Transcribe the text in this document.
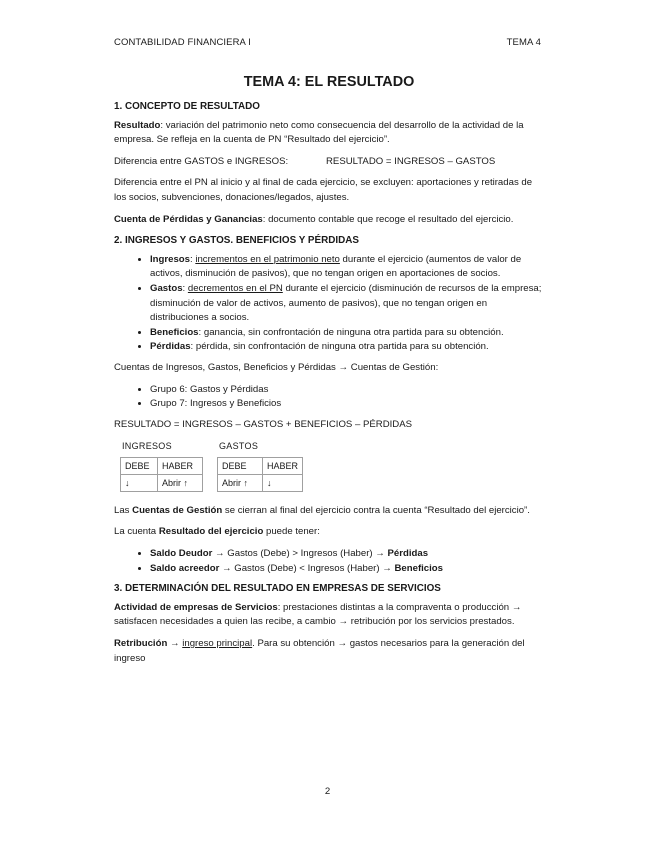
CONTABILIDAD FINANCIERA I	TEMA 4
TEMA 4: EL RESULTADO
1. CONCEPTO DE RESULTADO

Resultado: variación del patrimonio neto como consecuencia del desarrollo de la actividad de la empresa. Se refleja en la cuenta de PN “Resultado del ejercicio”.

Diferencia entre GASTOS e INGRESOS:	RESULTADO = INGRESOS – GASTOS

Diferencia entre el PN al inicio y al final de cada ejercicio, se excluyen: aportaciones y retiradas de los socios, subvenciones, donaciones/legados, ajustes.

Cuenta de Pérdidas y Ganancias: documento contable que recoge el resultado del ejercicio.

2. INGRESOS Y GASTOS. BENEFICIOS Y PÉRDIDAS
• Ingresos: incrementos en el patrimonio neto durante el ejercicio (aumentos de valor de activos, disminución de pasivos), que no tengan origen en aportaciones de socios.
• Gastos: decrementos en el PN durante el ejercicio (disminución de recursos de la empresa; disminución de valor de activos, aumento de pasivos), que no tengan origen en distribuciones a socios.
• Beneficios: ganancia, sin confrontación de ninguna otra partida para su obtención.
• Pérdidas: pérdida, sin confrontación de ninguna otra partida para su obtención.

Cuentas de Ingresos, Gastos, Beneficios y Pérdidas → Cuentas de Gestión:

• Grupo 6: Gastos y Pérdidas
• Grupo 7: Ingresos y Beneficios

RESULTADO = INGRESOS – GASTOS + BENEFICIOS – PÉRDIDAS

INGRESOS
DEBE	HABER
↓	Abrir ↑
GASTOS
DEBE	HABER
Abrir ↑	↓

Las Cuentas de Gestión se cierran al final del ejercicio contra la cuenta “Resultado del ejercicio”.

La cuenta Resultado del ejercicio puede tener:

• Saldo Deudor → Gastos (Debe) > Ingresos (Haber) → Pérdidas
• Saldo acreedor → Gastos (Debe) < Ingresos (Haber) → Beneficios
3. DETERMINACIÓN DEL RESULTADO EN EMPRESAS DE SERVICIOS

Actividad de empresas de Servicios: prestaciones distintas a la compraventa o producción → satisfacen necesidades a quien las recibe, a cambio → retribución por los servicios prestados.

Retribución → ingreso principal. Para su obtención → gastos necesarios para la generación del ingreso

2
